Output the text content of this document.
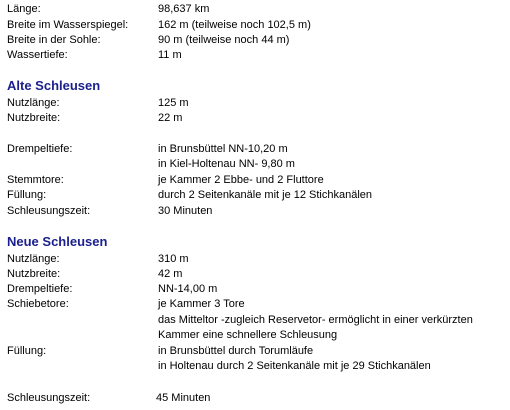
Länge:	98,637 km
Breite im Wasserspiegel:	162 m (teilweise noch 102,5 m)
Breite in der Sohle:	90 m (teilweise noch 44 m)
Wassertiefe:	11 m
Alte Schleusen
Nutzlänge:	125 m
Nutzbreite:	22 m
Drempeltiefe:	in Brunsbüttel NN-10,20 m
in Kiel-Holtenau NN- 9,80 m
Stemmtore:	je Kammer 2 Ebbe- und 2 Fluttore
Füllung:	durch 2 Seitenkanäle mit je 12 Stichkanälen
Schleusungszeit:	30 Minuten
Neue Schleusen
Nutzlänge:	310 m
Nutzbreite:	42 m
Drempeltiefe:	NN-14,00 m
Schiebetore:	je Kammer 3 Tore
das Mitteltor -zugleich Reservetor- ermöglicht in einer verkürzten
Kammer eine schnellere Schleusung
Füllung:	in Brunsbüttel durch Torumläufe
in Holtenau durch 2 Seitenkanäle mit je 29 Stichkanälen
Schleusungszeit:	45 Minuten
